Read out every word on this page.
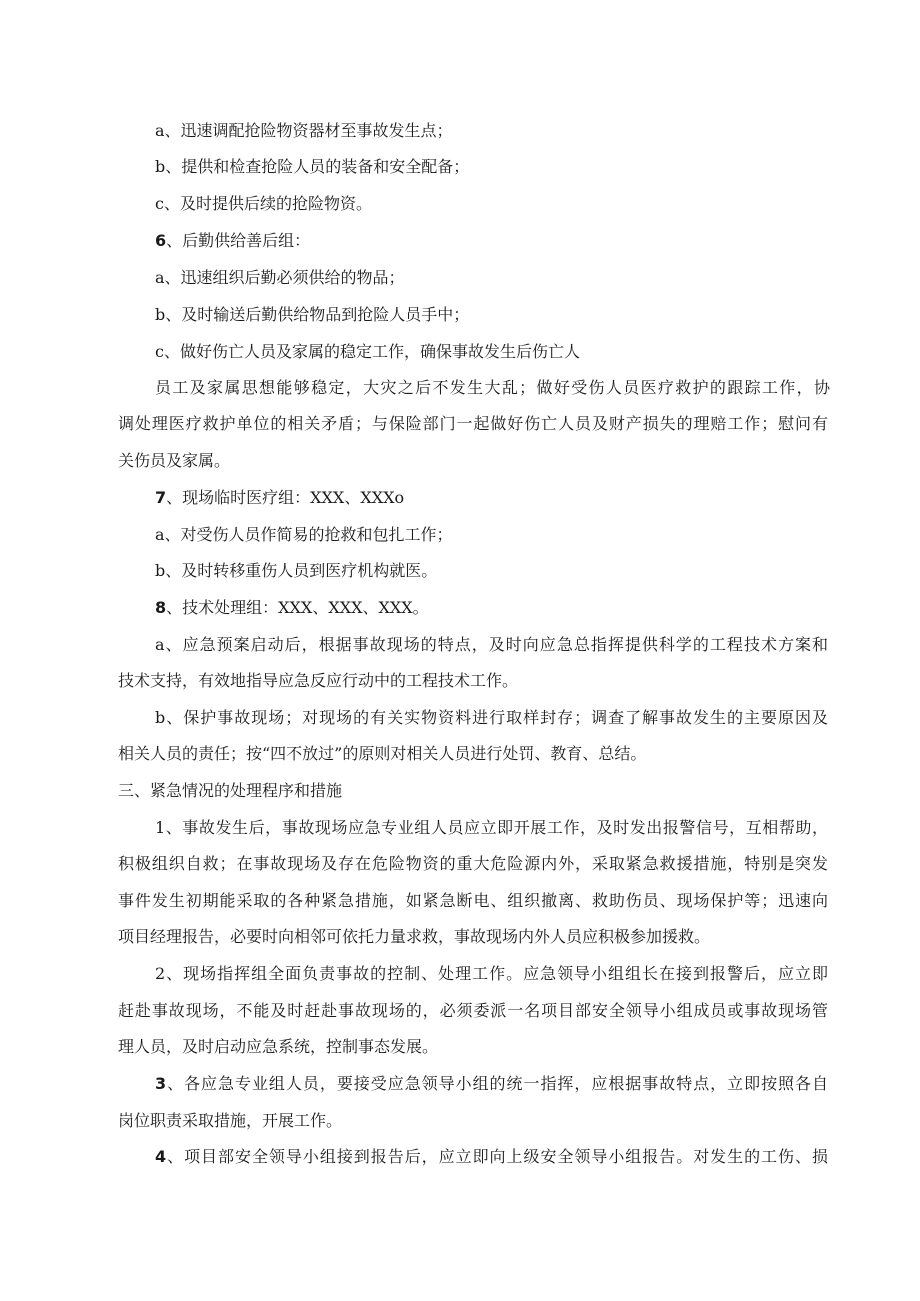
a、迅速调配抢险物资器材至事故发生点；
b、提供和检查抢险人员的装备和安全配备；
c、及时提供后续的抢险物资。
6、后勤供给善后组：
a、迅速组织后勤必须供给的物品；
b、及时输送后勤供给物品到抢险人员手中；
c、做好伤亡人员及家属的稳定工作，确保事故发生后伤亡人
员工及家属思想能够稳定，大灾之后不发生大乱；做好受伤人员医疗救护的跟踪工作，协
调处理医疗救护单位的相关矛盾；与保险部门一起做好伤亡人员及财产损失的理赔工作；慰问有
关伤员及家属。
7、现场临时医疗组：XXX、XXXo
a、对受伤人员作简易的抢救和包扎工作；
b、及时转移重伤人员到医疗机构就医。
8、技术处理组：XXX、XXX、XXX。
a、应急预案启动后，根据事故现场的特点，及时向应急总指挥提供科学的工程技术方案和
技术支持，有效地指导应急反应行动中的工程技术工作。
b、保护事故现场；对现场的有关实物资料进行取样封存；调查了解事故发生的主要原因及
相关人员的责任；按“四不放过”的原则对相关人员进行处罚、教育、总结。
三、紧急情况的处理程序和措施
1、事故发生后，事故现场应急专业组人员应立即开展工作，及时发出报警信号，互相帮助，
积极组织自救；在事故现场及存在危险物资的重大危险源内外，采取紧急救援措施，特别是突发
事件发生初期能采取的各种紧急措施，如紧急断电、组织撤离、救助伤员、现场保护等；迅速向
项目经理报告，必要时向相邻可依托力量求救，事故现场内外人员应积极参加援救。
2、现场指挥组全面负责事故的控制、处理工作。应急领导小组组长在接到报警后，应立即
赶赴事故现场，不能及时赶赴事故现场的，必须委派一名项目部安全领导小组成员或事故现场管
理人员，及时启动应急系统，控制事态发展。
3、各应急专业组人员，要接受应急领导小组的统一指挥，应根据事故特点，立即按照各自
岗位职责采取措施，开展工作。
4、项目部安全领导小组接到报告后，应立即向上级安全领导小组报告。对发生的工伤、损
